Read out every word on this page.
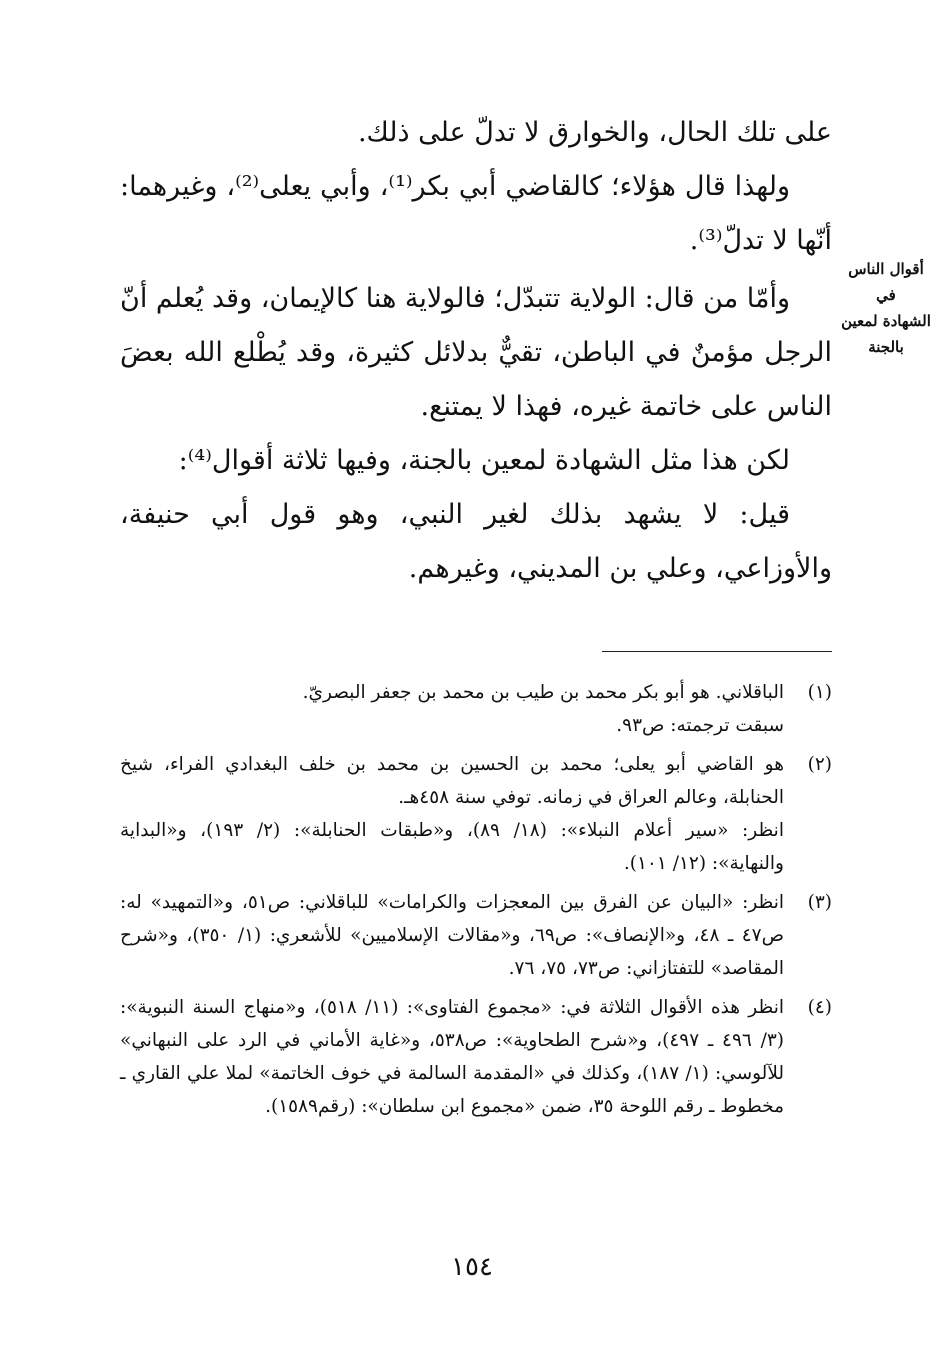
على تلك الحال، والخوارق لا تدلّ على ذلك.

ولهذا قال هؤلاء؛ كالقاضي أبي بكر⁽¹⁾، وأبي يعلى⁽²⁾، وغيرهما: أنّها لا تدلّ⁽³⁾.

وأمّا من قال: الولاية تتبدّل؛ فالولاية هنا كالإيمان، وقد يُعلم أنّ الرجل مؤمنٌ في الباطن، تقيٌّ بدلائل كثيرة، وقد يُطْلع الله بعضَ الناس على خاتمة غيره، فهذا لا يمتنع.

لكن هذا مثل الشهادة لمعين بالجنة، وفيها ثلاثة أقوال⁽⁴⁾:

قيل: لا يشهد بذلك لغير النبي، وهو قول أبي حنيفة، والأوزاعي، وعلي بن المديني، وغيرهم.

أقوال الناس في
الشهادة لمعين بالجنة
(١)
الباقلاني. هو أبو بكر محمد بن طيب بن محمد بن جعفر البصريّ.
سبقت ترجمته: ص٩٣.
(٢)
هو القاضي أبو يعلى؛ محمد بن الحسين بن محمد بن خلف البغدادي الفراء، شيخ الحنابلة، وعالم العراق في زمانه. توفي سنة ٤٥٨هـ.
انظر: «سير أعلام النبلاء»: (١٨/ ٨٩)، و«طبقات الحنابلة»: (٢/ ١٩٣)، و«البداية والنهاية»: (١٢/ ١٠١).
(٣)
انظر: «البيان عن الفرق بين المعجزات والكرامات» للباقلاني: ص٥١، و«التمهيد» له: ص٤٧ ـ ٤٨، و«الإنصاف»: ص٦٩، و«مقالات الإسلاميين» للأشعري: (١/ ٣٥٠)، و«شرح المقاصد» للتفتازاني: ص٧٣، ٧٥، ٧٦.
(٤)
انظر هذه الأقوال الثلاثة في: «مجموع الفتاوى»: (١١/ ٥١٨)، و«منهاج السنة النبوية»: (٣/ ٤٩٦ ـ ٤٩٧)، و«شرح الطحاوية»: ص٥٣٨، و«غاية الأماني في الرد على النبهاني» للآلوسي: (١/ ١٨٧)، وكذلك في «المقدمة السالمة في خوف الخاتمة» لملا علي القاري ـ مخطوط ـ رقم اللوحة ٣٥، ضمن «مجموع ابن سلطان»: (رقم١٥٨٩).
١٥٤
